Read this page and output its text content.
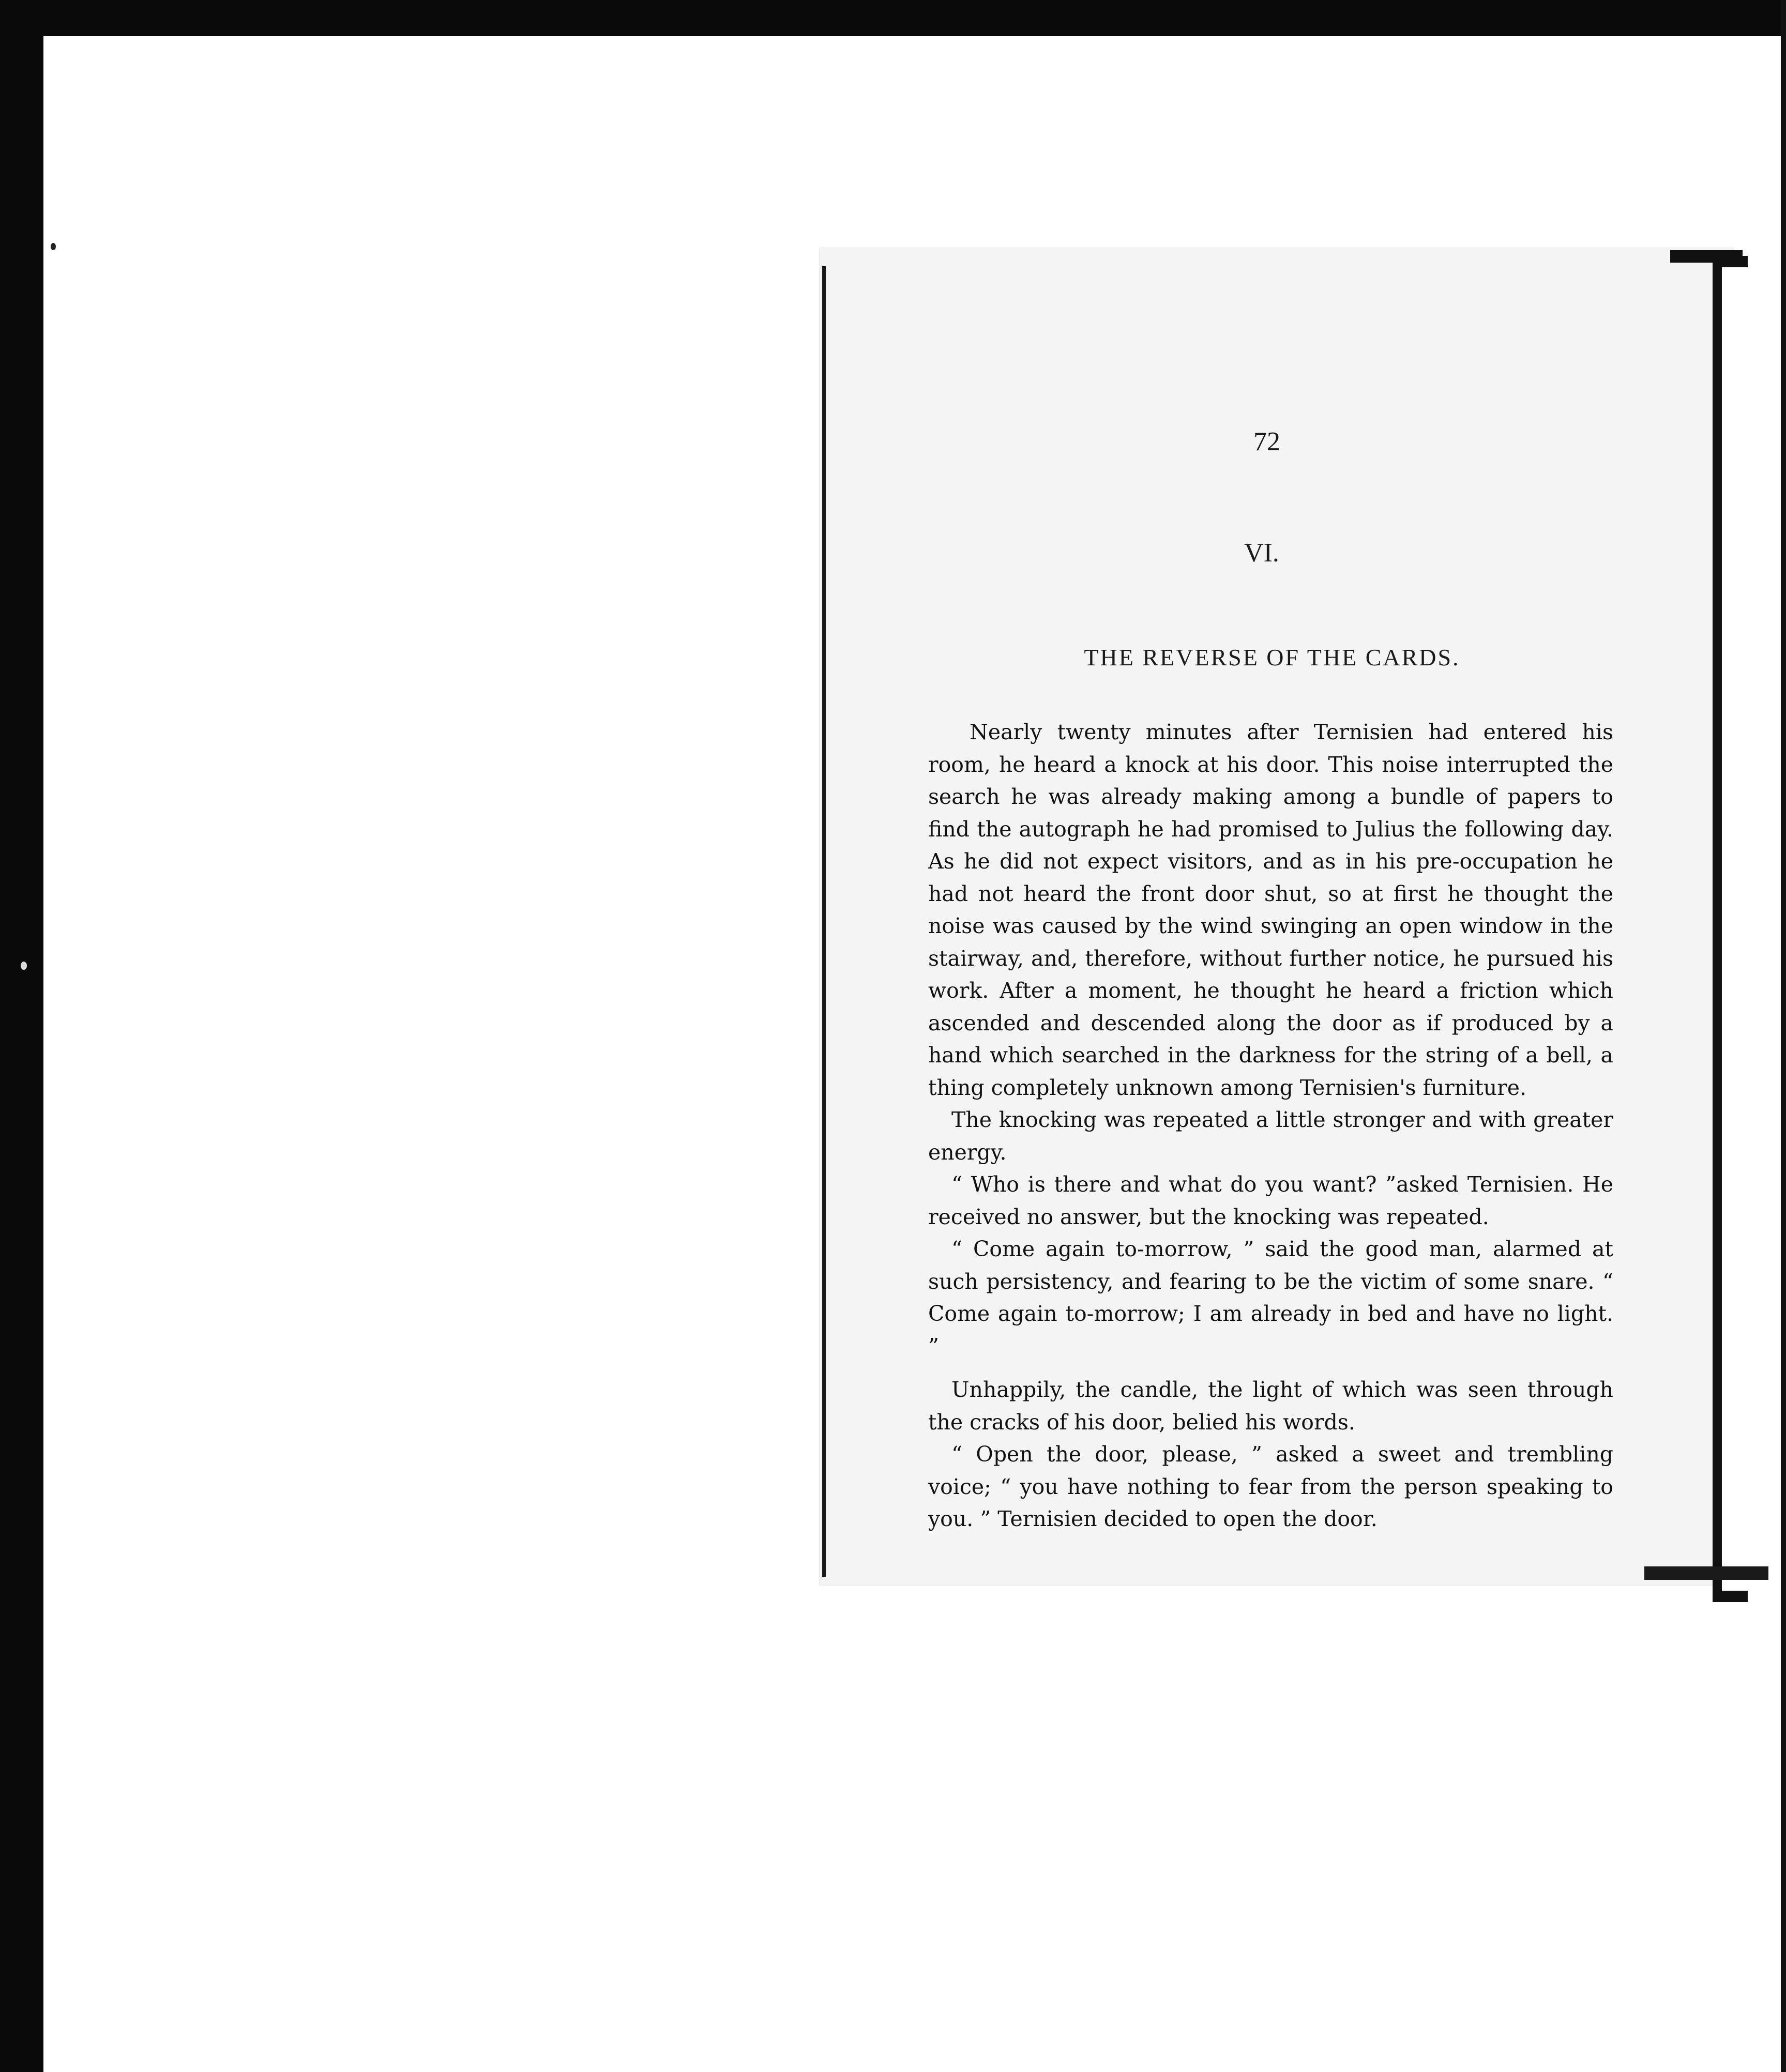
72
VI.
THE REVERSE OF THE CARDS.

Nearly twenty minutes after Ternisien had entered his room, he heard a knock at his door. This noise interrupted the search he was already making among a bundle of papers to find the autograph he had promised to Julius the following day. As he did not expect visitors, and as in his pre-occupation he had not heard the front door shut, so at first he thought the noise was caused by the wind swinging an open window in the stairway, and, therefore, without further notice, he pursued his work. After a moment, he thought he heard a friction which ascended and descended along the door as if produced by a hand which searched in the darkness for the string of a bell, a thing completely unknown among Ternisien's furniture.

The knocking was repeated a little stronger and with greater energy.

“ Who is there and what do you want? ”asked Ternisien. He received no answer, but the knocking was repeated.

“ Come again to-morrow, ” said the good man, alarmed at such persistency, and fearing to be the victim of some snare. “ Come again to-morrow; I am already in bed and have no light. ”

Unhappily, the candle, the light of which was seen through the cracks of his door, belied his words.

“ Open the door, please, ” asked a sweet and trembling voice; “ you have nothing to fear from the person speaking to you. ” Ternisien decided to open the door.
